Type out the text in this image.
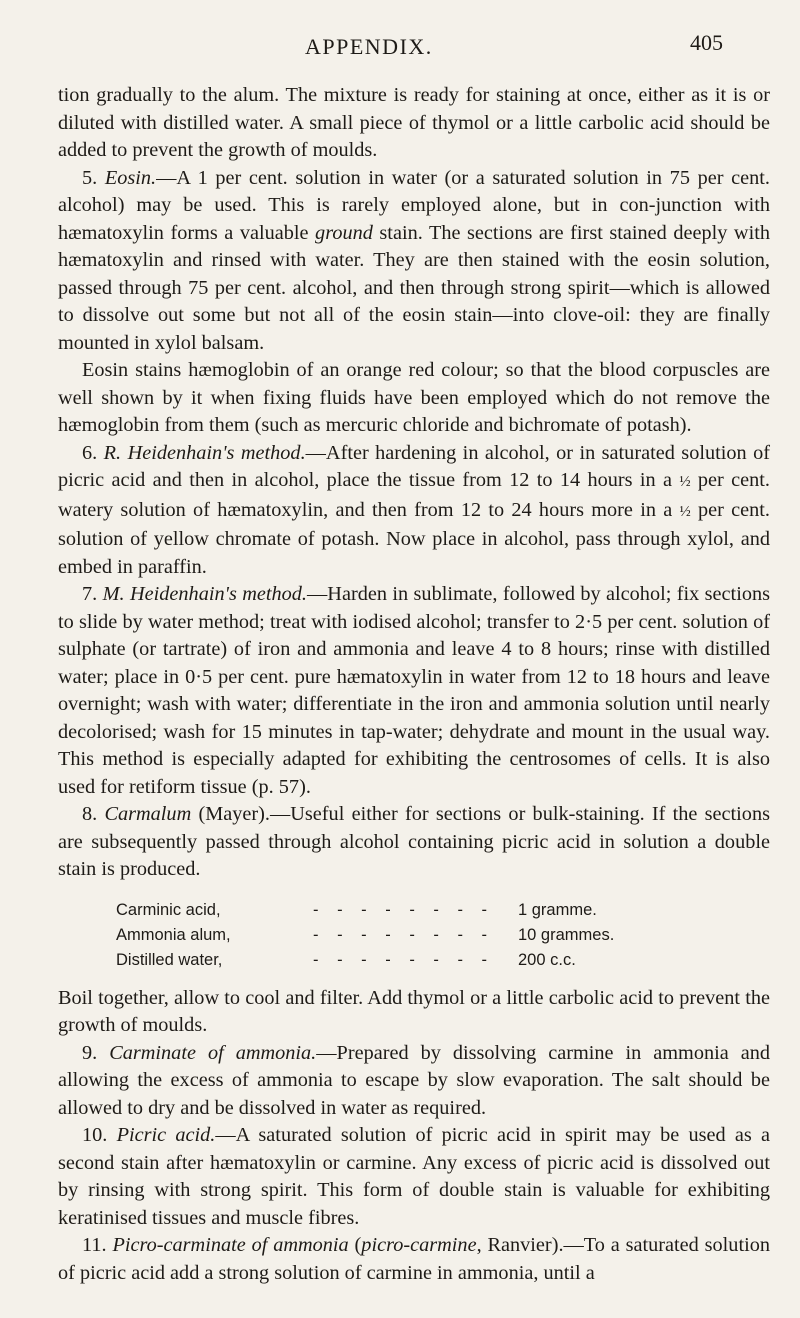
APPENDIX.	405

tion gradually to the alum. The mixture is ready for staining at once, either as it is or diluted with distilled water. A small piece of thymol or a little carbolic acid should be added to prevent the growth of moulds.

5. Eosin.—A 1 per cent. solution in water (or a saturated solution in 75 per cent. alcohol) may be used. This is rarely employed alone, but in con-junction with hæmatoxylin forms a valuable ground stain. The sections are first stained deeply with hæmatoxylin and rinsed with water. They are then stained with the eosin solution, passed through 75 per cent. alcohol, and then through strong spirit—which is allowed to dissolve out some but not all of the eosin stain—into clove-oil: they are finally mounted in xylol balsam.

Eosin stains hæmoglobin of an orange red colour; so that the blood corpuscles are well shown by it when fixing fluids have been employed which do not remove the hæmoglobin from them (such as mercuric chloride and bichromate of potash).

6. R. Heidenhain's method.—After hardening in alcohol, or in saturated solution of picric acid and then in alcohol, place the tissue from 12 to 14 hours in a ½ per cent. watery solution of hæmatoxylin, and then from 12 to 24 hours more in a ½ per cent. solution of yellow chromate of potash. Now place in alcohol, pass through xylol, and embed in paraffin.

7. M. Heidenhain's method.—Harden in sublimate, followed by alcohol; fix sections to slide by water method; treat with iodised alcohol; transfer to 2·5 per cent. solution of sulphate (or tartrate) of iron and ammonia and leave 4 to 8 hours; rinse with distilled water; place in 0·5 per cent. pure hæmatoxylin in water from 12 to 18 hours and leave overnight; wash with water; differentiate in the iron and ammonia solution until nearly decolorised; wash for 15 minutes in tap-water; dehydrate and mount in the usual way. This method is especially adapted for exhibiting the centrosomes of cells. It is also used for retiform tissue (p. 57).

8. Carmalum (Mayer).—Useful either for sections or bulk-staining. If the sections are subsequently passed through alcohol containing picric acid in solution a double stain is produced.

Carminic acid,	- - - - - - - - 1 gramme.
Ammonia alum,	- - - - - - - - 10 grammes.
Distilled water,	- - - - - - - - 200 c.c.

Boil together, allow to cool and filter. Add thymol or a little carbolic acid to prevent the growth of moulds.

9. Carminate of ammonia.—Prepared by dissolving carmine in ammonia and allowing the excess of ammonia to escape by slow evaporation. The salt should be allowed to dry and be dissolved in water as required.

10. Picric acid.—A saturated solution of picric acid in spirit may be used as a second stain after hæmatoxylin or carmine. Any excess of picric acid is dissolved out by rinsing with strong spirit. This form of double stain is valuable for exhibiting keratinised tissues and muscle fibres.

11. Picro-carminate of ammonia (picro-carmine, Ranvier).—To a saturated solution of picric acid add a strong solution of carmine in ammonia, until a
